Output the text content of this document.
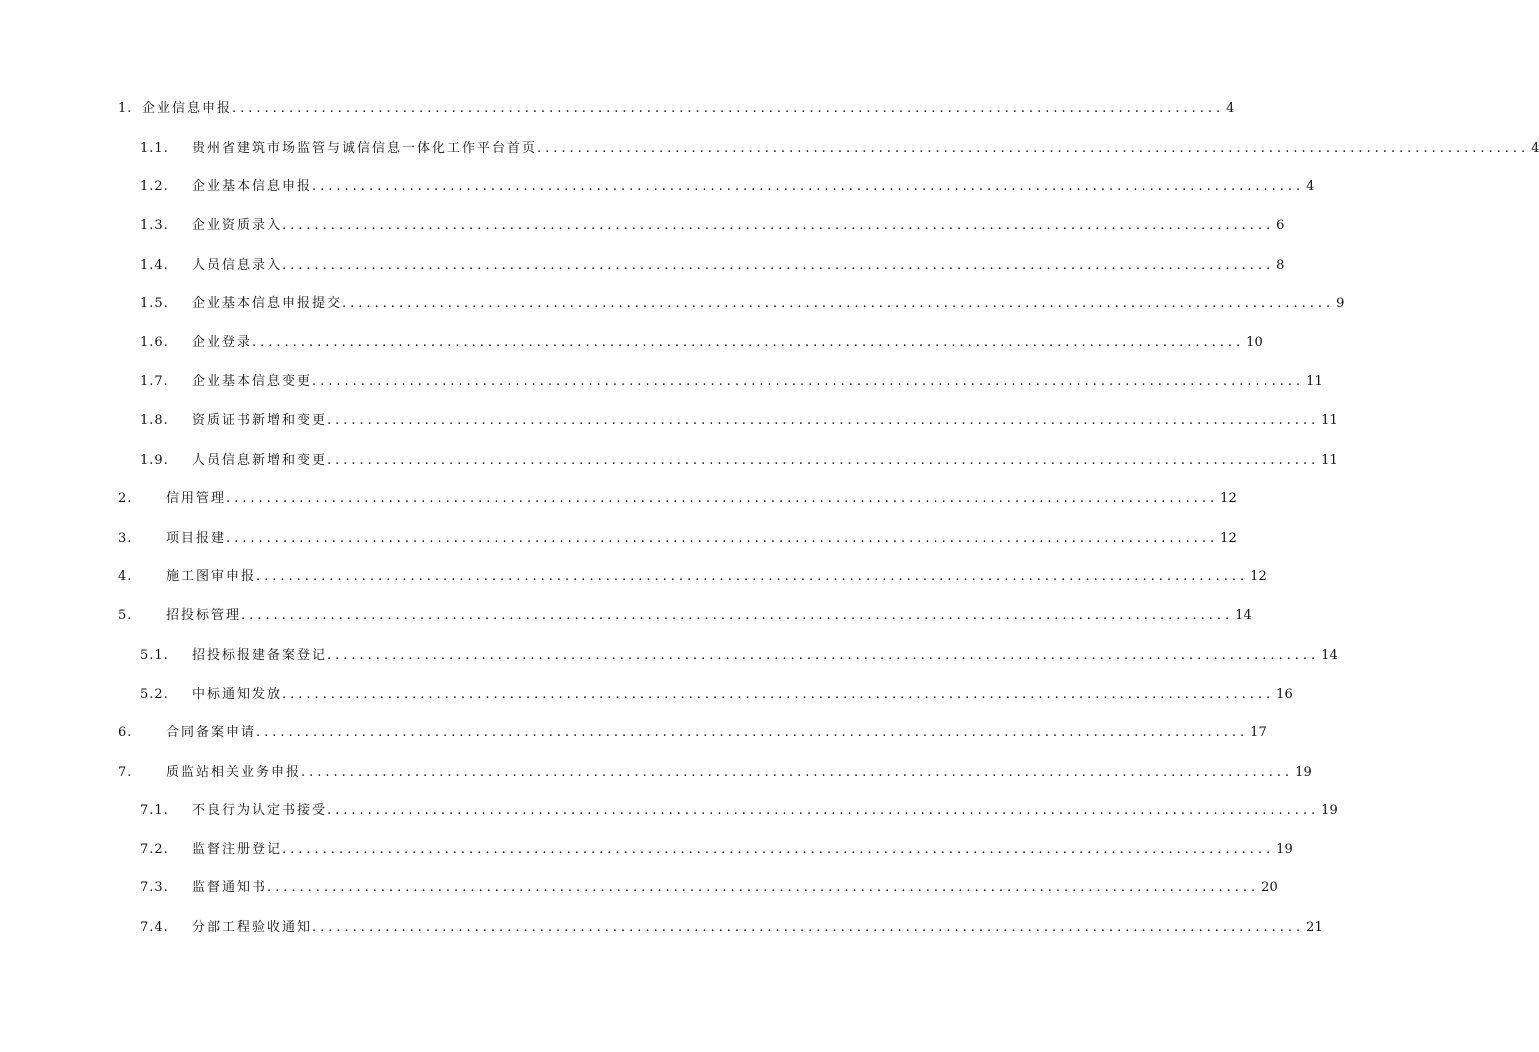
1. 企业信息申报 .......................................................................................................................... 4
1.1. 贵州省建筑市场监管与诚信信息一体化工作平台首页 .......................................................................................................................... 4
1.2. 企业基本信息申报 .......................................................................................................................... 4
1.3. 企业资质录入 .......................................................................................................................... 6
1.4. 人员信息录入 .......................................................................................................................... 8
1.5. 企业基本信息申报提交 .......................................................................................................................... 9
1.6. 企业登录 .......................................................................................................................... 10
1.7. 企业基本信息变更 .......................................................................................................................... 11
1.8. 资质证书新增和变更 .......................................................................................................................... 11
1.9. 人员信息新增和变更 .......................................................................................................................... 11
2.	信用管理 .......................................................................................................................... 12
3.	项目报建 .......................................................................................................................... 12
4.	施工图审申报 .......................................................................................................................... 12
5.	招投标管理 .......................................................................................................................... 14
5.1. 招投标报建备案登记 .......................................................................................................................... 14
5.2. 中标通知发放 .......................................................................................................................... 16
6.	合同备案申请 .......................................................................................................................... 17
7.	质监站相关业务申报 .......................................................................................................................... 19
7.1. 不良行为认定书接受 .......................................................................................................................... 19
7.2. 监督注册登记 .......................................................................................................................... 19
7.3. 监督通知书 .......................................................................................................................... 20
7.4. 分部工程验收通知 .......................................................................................................................... 21
